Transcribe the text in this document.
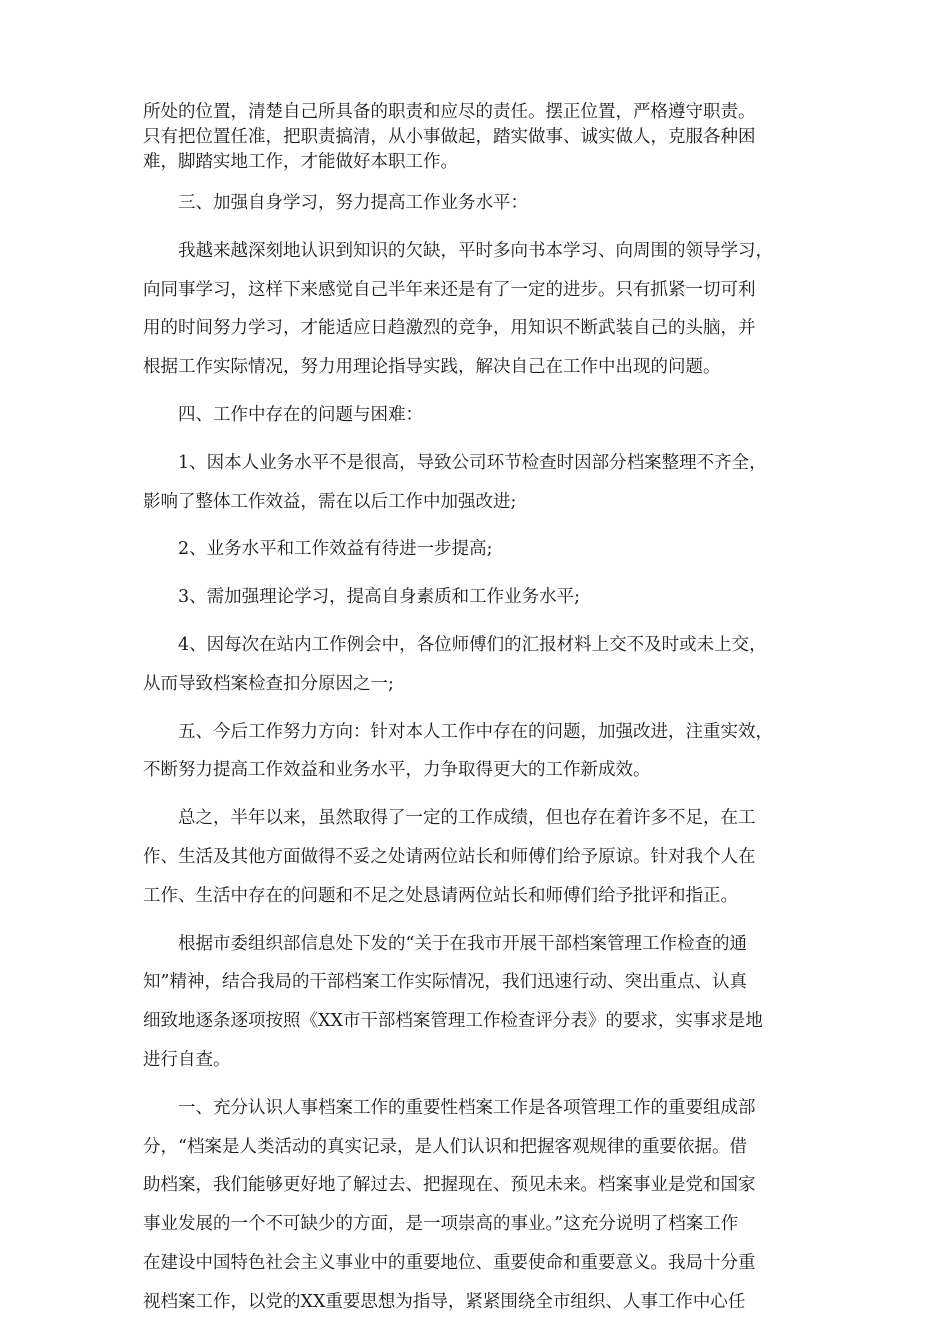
所处的位置，清楚自己所具备的职责和应尽的责任。摆正位置，严格遵守职责。
只有把位置任准，把职责搞清，从小事做起，踏实做事、诚实做人，克服各种困
难，脚踏实地工作，才能做好本职工作。
三、加强自身学习，努力提高工作业务水平：
我越来越深刻地认识到知识的欠缺，平时多向书本学习、向周围的领导学习，
向同事学习，这样下来感觉自己半年来还是有了一定的进步。只有抓紧一切可利
用的时间努力学习，才能适应日趋激烈的竞争，用知识不断武装自己的头脑，并
根据工作实际情况，努力用理论指导实践，解决自己在工作中出现的问题。
四、工作中存在的问题与困难：
1、因本人业务水平不是很高，导致公司环节检查时因部分档案整理不齐全，
影响了整体工作效益，需在以后工作中加强改进;
2、业务水平和工作效益有待进一步提高;
3、需加强理论学习，提高自身素质和工作业务水平;
4、因每次在站内工作例会中，各位师傅们的汇报材料上交不及时或未上交，
从而导致档案检查扣分原因之一;
五、今后工作努力方向：针对本人工作中存在的问题，加强改进，注重实效，
不断努力提高工作效益和业务水平，力争取得更大的工作新成效。
总之，半年以来，虽然取得了一定的工作成绩，但也存在着许多不足，在工
作、生活及其他方面做得不妥之处请两位站长和师傅们给予原谅。针对我个人在
工作、生活中存在的问题和不足之处恳请两位站长和师傅们给予批评和指正。
根据市委组织部信息处下发的“关于在我市开展干部档案管理工作检查的通
知”精神，结合我局的干部档案工作实际情况，我们迅速行动、突出重点、认真
细致地逐条逐项按照《XX市干部档案管理工作检查评分表》的要求，实事求是地
进行自查。
一、充分认识人事档案工作的重要性档案工作是各项管理工作的重要组成部
分，“档案是人类活动的真实记录，是人们认识和把握客观规律的重要依据。借
助档案，我们能够更好地了解过去、把握现在、预见未来。档案事业是党和国家
事业发展的一个不可缺少的方面，是一项崇高的事业。”这充分说明了档案工作
在建设中国特色社会主义事业中的重要地位、重要使命和重要意义。我局十分重
视档案工作，以党的XX重要思想为指导，紧紧围绕全市组织、人事工作中心任
